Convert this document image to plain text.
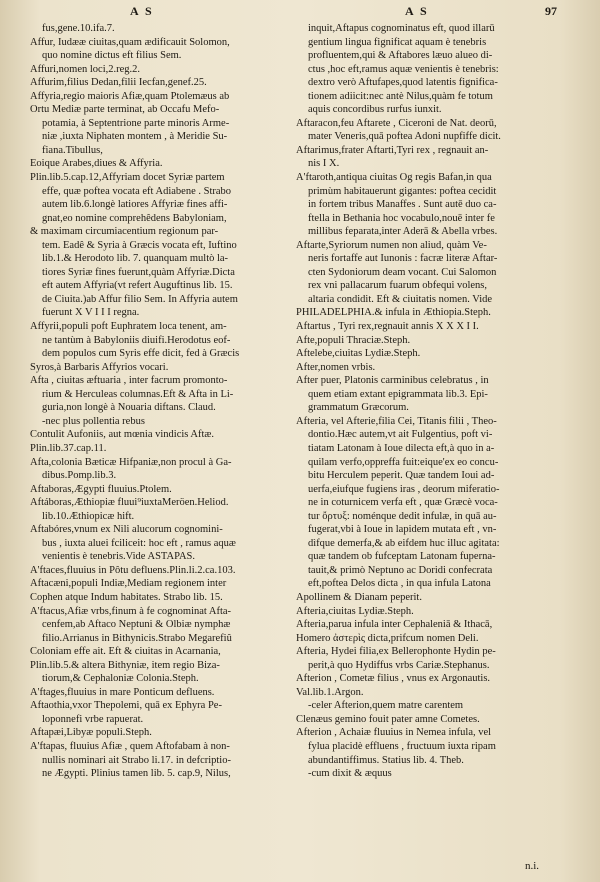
A S	A S	97
fus,gene.10.ifa.7.
Affur, Iudææ ciuitas,quam ædificauit Solomon,
quo nomine dictus eft filius Sem.
Affuri,nomen loci,2.reg.2.
Affurim,filius Dedan,filii Iecfan,genef.25.
Affyria,regio maioris Afiæ,quam Ptolemæus ab
Ortu Mediæ parte terminat, ab Occafu Mefo-
potamia, à Septentrione parte minoris Arme-
niæ ,iuxta Niphaten montem , à Meridie Su-
fiana.Tibullus,
Eoique Arabes,diues & Affyria.
Plin.lib.5.cap.12,Affyriam docet Syriæ partem
effe, quæ poftea vocata eft Adiabene . Strabo
autem lib.6.longè latiores Affyriæ fines affi-
gnat,eo nomine comprehêdens Babyloniam,
& maximam circumiacentium regionum par-
tem. Eadê & Syria à Græcis vocata eft, Iuftino
lib.1.& Herodoto lib. 7. quanquam multò la-
tiores Syriæ fines fuerunt,quàm Affyriæ.Dicta
eft autem Affyria(vt refert Auguftinus lib. 15.
de Ciuita.)ab Affur filio Sem. In Affyria autem
fuerunt X V I I I regna.
Affyrii,populi poft Euphratem loca tenent, am-
ne tantùm à Babyloniis diuifi.Herodotus eof-
dem populos cum Syris effe dicit, fed à Græcis
Syros,à Barbaris Affyrios vocari.
Afta , ciuitas æftuaria , inter facrum promonto-
rium & Herculeas columnas.Eft & Afta in Li-
guria,non longè à Nouaria diftans. Claud.
-nec plus pollentia rebus
Contulit Aufoniis, aut mœnia vindicis Aftæ.
Plin.lib.37.cap.11.
Afta,colonia Bæticæ Hifpaniæ,non procul à Ga-
dibus.Pomp.lib.3.
Aftaboras,Ægypti fluuius.Ptolem.
Aftáboras,Æthiopiæ fluui⁹iuxtaMeröen.Heliod.
lib.10.Æthiopicæ hift.
Aftabóres,vnum ex Nili alucorum cognomini-
bus , iuxta aluei fciliceit: hoc eft , ramus aquæ
venientis è tenebris.Vide ASTAPAS.
A'ftaces,fluuius in Pôtu defluens.Plin.li.2.ca.103.
Aftacæni,populi Indiæ,Mediam regionem inter
Cophen atque Indum habitates. Strabo lib. 15.
A'ftacus,Afiæ vrbs,finum à fe cognominat Afta-
cenfem,ab Aftaco Neptuni & Olbiæ nymphæ
filio.Arrianus in Bithynicis.Strabo Megarefiû
Coloniam effe ait. Eft & ciuitas in Acarnania,
Plin.lib.5.& altera Bithyniæ, item regio Biza-
tiorum,& Cephaloniæ Colonia.Steph.
A'ftages,fluuius in mare Ponticum defluens.
Aftaothia,vxor Thepolemi, quā ex Ephyra Pe-
loponnefi vrbe rapuerat.
Aftapæi,Libyæ populi.Steph.
A'ftapas, fluuius Afiæ , quem Aftofabam à non-
nullis nominari ait Strabo li.17. in defcriptio-
ne Ægypti. Plinius tamen lib. 5. cap.9, Nilus,
inquit,Aftapus cognominatus eft, quod illarū
gentium lingua fignificat aquam è tenebris
profluentem,qui & Aftabores læuo alueo di-
ctus ,hoc eft,ramus aquæ venientis è tenebris:
dextro verò Aftufapes,quod latentis fignifica-
tionem adiicit:nec antè Nilus,quàm fe totum
aquis concordibus rurfus iunxit.
Aftaracon,feu Aftarete , Ciceroni de Nat. deorū,
mater Veneris,quā poftea Adoni nupfiffe dicit.
Aftarimus,frater Aftarti,Tyri rex , regnauit an-
nis I X.
A'ftaroth,antiqua ciuitas Og regis Bafan,in qua
primùm habitauerunt gigantes: poftea cecidit
in fortem tribus Manaffes . Sunt autē duo ca-
ftella in Bethania hoc vocabulo,nouē inter fe
millibus feparata,inter Aderā & Abella vrbes.
Aftarte,Syriorum numen non aliud, quàm Ve-
neris fortaffe aut Iunonis : facræ literæ Aftar-
cten Sydoniorum deam vocant. Cui Salomon
rex vni pallacarum fuarum obfequi volens,
altaria condidit. Eft & ciuitatis nomen. Vide
PHILADELPHIA.& infula in Æthiopia.Steph.
Aftartus , Tyri rex,regnauit annis X X X I I.
Afte,populi Thraciæ.Steph.
Aftelebe,ciuitas Lydiæ.Steph.
After,nomen vrbis.
After puer, Platonis carminibus celebratus , in
quem etiam extant epigrammata lib.3. Epi-
grammatum Græcorum.
Afteria, vel Afterie,filia Cei, Titanis filii , Theo-
dontio.Hæc autem,vt ait Fulgentius, poft vi-
tiatam Latonam à Ioue dilecta eft,à quo in a-
quilam verfo,oppreffa fuit:eique'ex eo concu-
bitu Herculem peperit. Quæ tandem Ioui ad-
uerfa,eiufque fugiens iras , deorum miferatio-
ne in coturnicem verfa eft , quæ Græcè voca-
tur ὄρτυξ: noménque dedit infulæ, in quā au-
fugerat,vbi à Ioue in lapidem mutata eft , vn-
dìfque demerfa,& ab eifdem huc illuc agitata:
quæ tandem ob fufceptam Latonam fuperna-
tauit,& primò Neptuno ac Doridi confecrata
eft,poftea Delos dicta , in qua infula Latona
Apollinem & Dianam peperit.
Afteria,ciuitas Lydiæ.Steph.
Afteria,parua infula inter Cephaleniā & Ithacā,
Homero ἀστερὶς dicta,prifcum nomen Deli.
Afteria, Hydei filia,ex Bellerophonte Hydin pe-
perit,à quo Hydiffus vrbs Cariæ.Stephanus.
Afterion , Cometæ filius , vnus ex Argonautis.
Val.lib.1.Argon.
-celer Afterion,quem matre carentem
Clenæus gemino fouit pater amne Cometes.
Afterion , Achaiæ fluuius in Nemea infula, vel
fylua placidè effluens , fructuum iuxta ripam
abundantiffimus. Statius lib. 4. Theb.
-cum dixit & æquus
n.i.
